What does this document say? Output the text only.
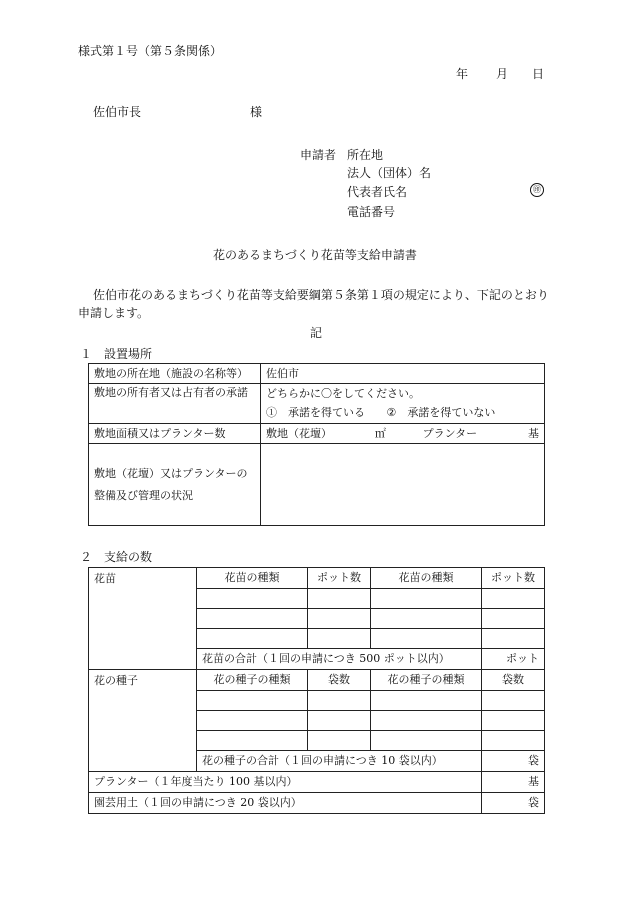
様式第１号（第５条関係）
年 月 日
佐伯市長	様
申請者 所在地
法人（団体）名
代表者氏名
電話番号
㊞
花のあるまちづくり花苗等支給申請書
佐伯市花のあるまちづくり花苗等支給要綱第５条第１項の規定により、下記のとおり
申請します。
記
１　設置場所
敷地の所在地（施設の名称等）	佐伯市
敷地の所有者又は占有者の承諾	どちらかに〇をしてください。
①　承諾を得ている ②　承諾を得ていない

敷地面積又はプランター数	敷地（花壇） ㎡ プランター 基

敷地（花壇）又はプランターの
整備及び管理の状況	

２　支給の数
花苗	花苗の種類	ポット数	花苗の種類	ポット数

	花苗の合計（１回の申請につき 500 ポット以内）			ポット
花の種子	花の種子の種類	袋数	花の種子の種類	袋数

	花の種子の合計（１回の申請につき 10 袋以内）			袋
プランター（１年度当たり 100 基以内）				基
園芸用土（１回の申請につき 20 袋以内）				袋
